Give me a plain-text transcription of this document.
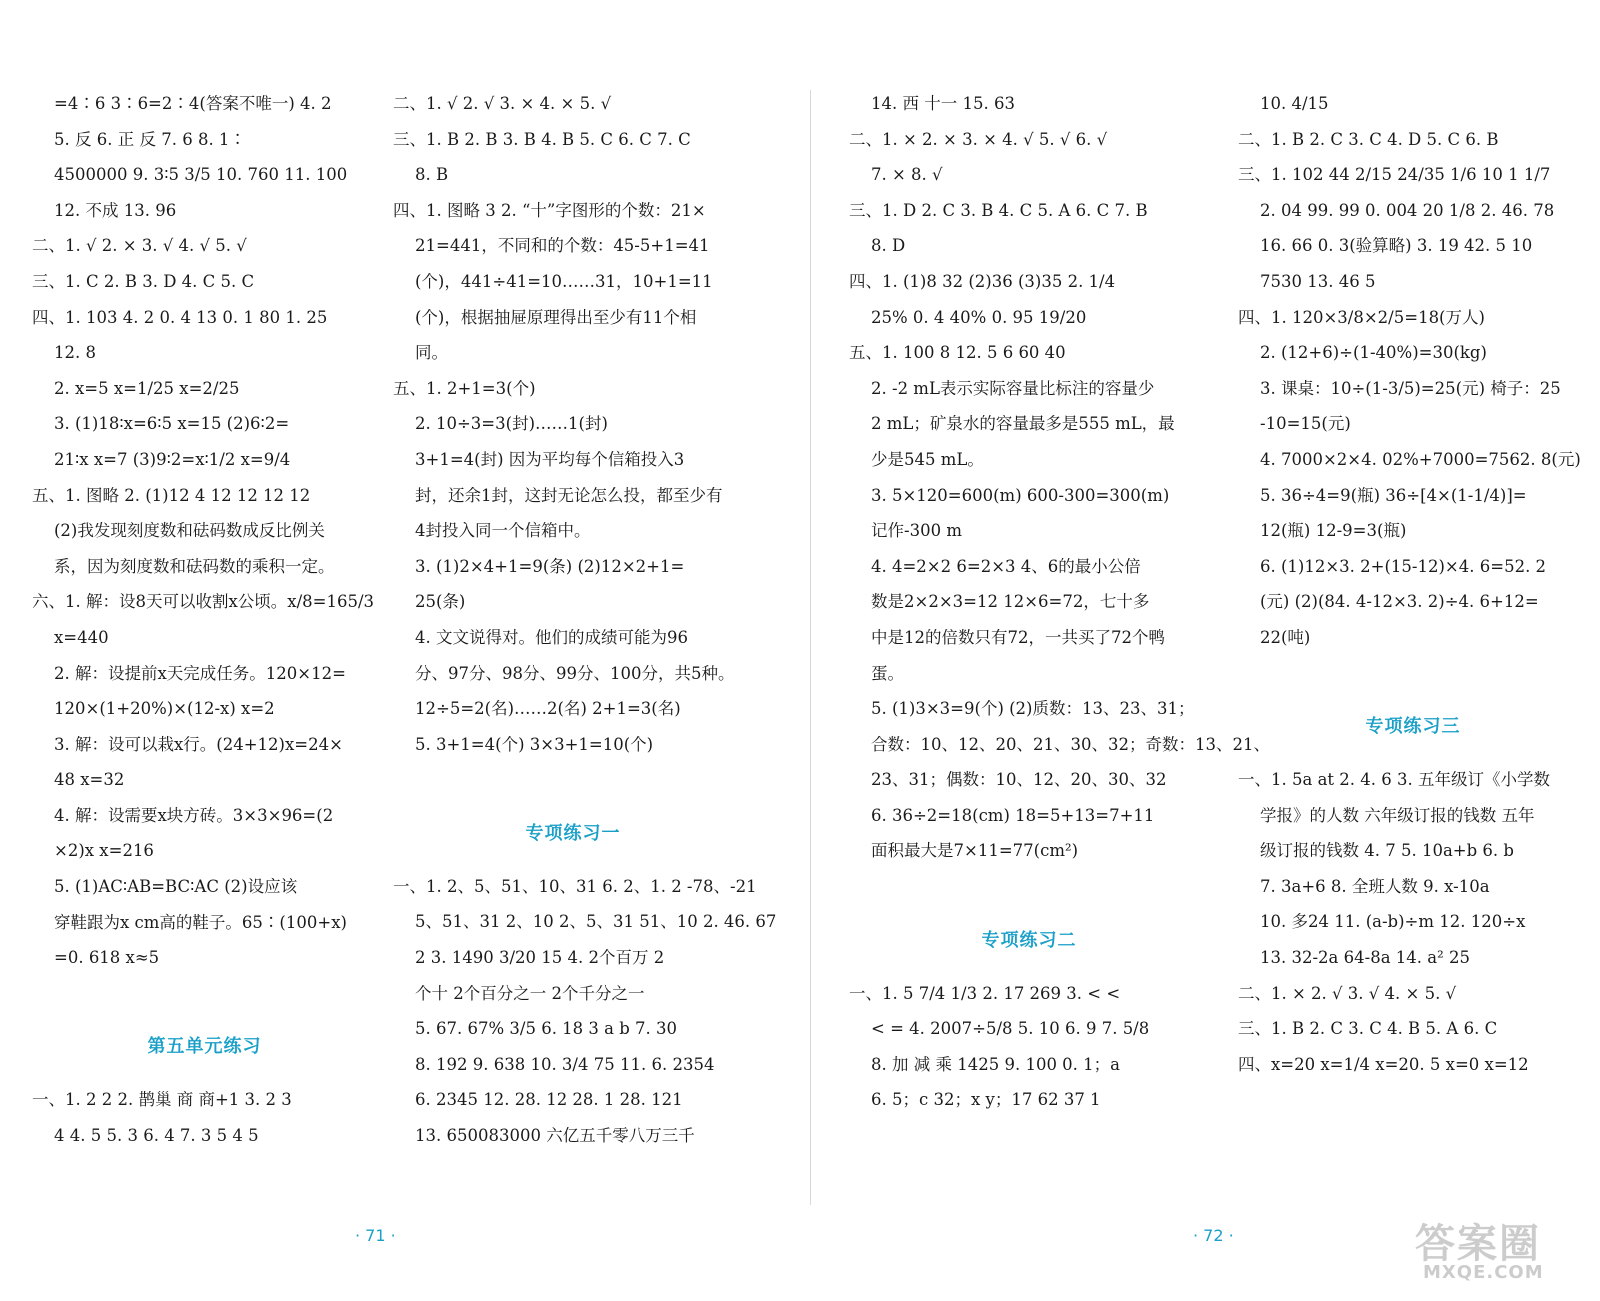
=4∶6 3∶6=2∶4(答案不唯一) 4. 2
5. 反 6. 正 反 7. 6 8. 1∶
4500000 9. 3∶5 3/5 10. 760 11. 100
12. 不成 13. 96
二、1. √ 2. × 3. √ 4. √ 5. √
三、1. C 2. B 3. D 4. C 5. C
四、1. 103 4. 2 0. 4 13 0. 1 80 1. 25
12. 8
2. x=5 x=1/25 x=2/25
3. (1)18∶x=6∶5 x=15 (2)6∶2=
21∶x x=7 (3)9∶2=x∶1/2 x=9/4
五、1. 图略 2. (1)12 4 12 12 12 12
(2)我发现刻度数和砝码数成反比例关
系，因为刻度数和砝码数的乘积一定。
六、1. 解：设8天可以收割x公顷。x/8=165/3
x=440
2. 解：设提前x天完成任务。120×12=
120×(1+20%)×(12-x) x=2
3. 解：设可以栽x行。(24+12)x=24×
48 x=32
4. 解：设需要x块方砖。3×3×96=(2
×2)x x=216
5. (1)AC∶AB=BC∶AC (2)设应该
穿鞋跟为x cm高的鞋子。65∶(100+x)
=0. 618 x≈5
第五单元练习
一、1. 2 2 2. 鹊巢 商 商+1 3. 2 3
4 4. 5 5. 3 6. 4 7. 3 5 4 5
二、1. √ 2. √ 3. × 4. × 5. √
三、1. B 2. B 3. B 4. B 5. C 6. C 7. C
8. B
四、1. 图略 3 2. “十”字图形的个数：21×
21=441，不同和的个数：45-5+1=41
(个)，441÷41=10……31，10+1=11
(个)，根据抽屉原理得出至少有11个相
同。
五、1. 2+1=3(个)
2. 10÷3=3(封)……1(封)
3+1=4(封) 因为平均每个信箱投入3
封，还余1封，这封无论怎么投，都至少有
4封投入同一个信箱中。
3. (1)2×4+1=9(条) (2)12×2+1=
25(条)
4. 文文说得对。他们的成绩可能为96
分、97分、98分、99分、100分，共5种。
12÷5=2(名)……2(名) 2+1=3(名)
5. 3+1=4(个) 3×3+1=10(个)
专项练习一
一、1. 2、5、51、10、31 6. 2、1. 2 -78、-21
5、51、31 2、10 2、5、31 51、10 2. 46. 67
2 3. 1490 3/20 15 4. 2个百万 2
个十 2个百分之一 2个千分之一
5. 67. 67% 3/5 6. 18 3 a b 7. 30
8. 192 9. 638 10. 3/4 75 11. 6. 2354
6. 2345 12. 28. 12 28. 1 28. 121
13. 650083000 六亿五千零八万三千
14. 西 十一 15. 63
二、1. × 2. × 3. × 4. √ 5. √ 6. √
7. × 8. √
三、1. D 2. C 3. B 4. C 5. A 6. C 7. B
8. D
四、1. (1)8 32 (2)36 (3)35 2. 1/4
25% 0. 4 40% 0. 95 19/20
五、1. 100 8 12. 5 6 60 40
2. -2 mL表示实际容量比标注的容量少
2 mL；矿泉水的容量最多是555 mL，最
少是545 mL。
3. 5×120=600(m) 600-300=300(m)
记作-300 m
4. 4=2×2 6=2×3 4、6的最小公倍
数是2×2×3=12 12×6=72，七十多
中是12的倍数只有72，一共买了72个鸭
蛋。
5. (1)3×3=9(个) (2)质数：13、23、31；
合数：10、12、20、21、30、32；奇数：13、21、
23、31；偶数：10、12、20、30、32
6. 36÷2=18(cm) 18=5+13=7+11
面积最大是7×11=77(cm²)
专项练习二
一、1. 5 7/4 1/3 2. 17 269 3. < <
< = 4. 2007÷5/8 5. 10 6. 9 7. 5/8
8. 加 减 乘 1425 9. 100 0. 1；a
6. 5；c 32；x y；17 62 37 1
10. 4/15
二、1. B 2. C 3. C 4. D 5. C 6. B
三、1. 102 44 2/15 24/35 1/6 10 1 1/7
2. 04 99. 99 0. 004 20 1/8 2. 46. 78
16. 66 0. 3(验算略) 3. 19 42. 5 10
7530 13. 46 5
四、1. 120×3/8×2/5=18(万人)
2. (12+6)÷(1-40%)=30(kg)
3. 课桌：10÷(1-3/5)=25(元) 椅子：25
-10=15(元)
4. 7000×2×4. 02%+7000=7562. 8(元)
5. 36÷4=9(瓶) 36÷[4×(1-1/4)]=
12(瓶) 12-9=3(瓶)
6. (1)12×3. 2+(15-12)×4. 6=52. 2
(元) (2)(84. 4-12×3. 2)÷4. 6+12=
22(吨)
专项练习三
一、1. 5a at 2. 4. 6 3. 五年级订《小学数
学报》的人数 六年级订报的钱数 五年
级订报的钱数 4. 7 5. 10a+b 6. b
7. 3a+6 8. 全班人数 9. x-10a
10. 多24 11. (a-b)÷m 12. 120÷x
13. 32-2a 64-8a 14. a² 25
二、1. × 2. √ 3. √ 4. × 5. √
三、1. B 2. C 3. C 4. B 5. A 6. C
四、x=20 x=1/4 x=20. 5 x=0 x=12
· 71 ·	· 72 ·	答案圈
MXQE.COM
